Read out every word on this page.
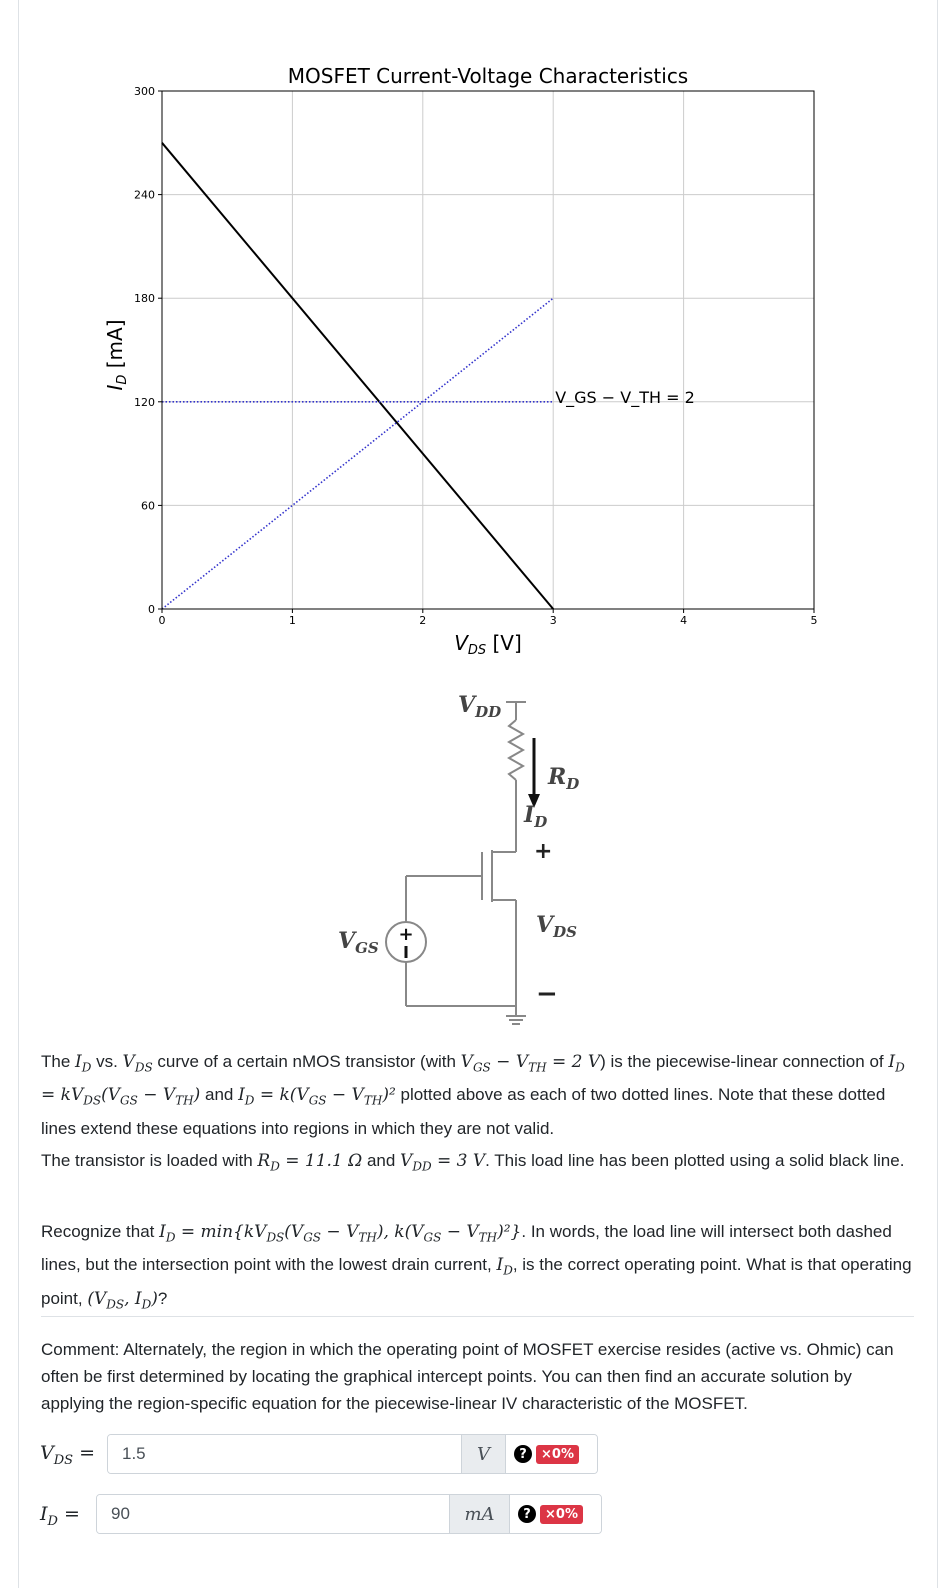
0	1	2	3	4	5
0
60
120
180
240
300
MOSFET Current-Voltage Characteristics
V_GS − V_TH = 2
$V_{DS}$ [V]
$I_D$ [mA]
+
$V_{DD}$
$R_D$
$I_D$
+
$V_{DS}$
−
$V_{GS}$
The $I_D$ vs. $V_{DS}$ curve of a certain nMOS transistor (with $V_{GS} - V_{TH} = 2$ V) is the piecewise-linear connection of $I_D = kV_{DS}(V_{GS} - V_{TH})$ and $I_D = k(V_{GS} - V_{TH})^2$ plotted above as each of two dotted lines. Note that these dotted lines extend these equations into regions in which they are not valid.
The transistor is loaded with $R_D = 11.1$ Ω and $V_{DD} = 3$ V. This load line has been plotted using a solid black line.
Recognize that $I_D = \min\{kV_{DS}(V_{GS} - V_{TH})$, $k(V_{GS} - V_{TH})^2$}. In words, the load line will intersect both dashed lines, but the intersection point with the lowest drain current, $I_D$, is the correct operating point. What is that operating point, ($V_{DS}$, $I_D$)?
Comment: Alternately, the region in which the operating point of MOSFET exercise resides (active vs. Ohmic) can often be first determined by locating the graphical intercept points. You can then find an accurate solution by applying the region-specific equation for the piecewise-linear IV characteristic of the MOSFET.
$V_{DS}$ =
1.5	V	?	×0%
$I_D$ =
90	mA	?	×0%
